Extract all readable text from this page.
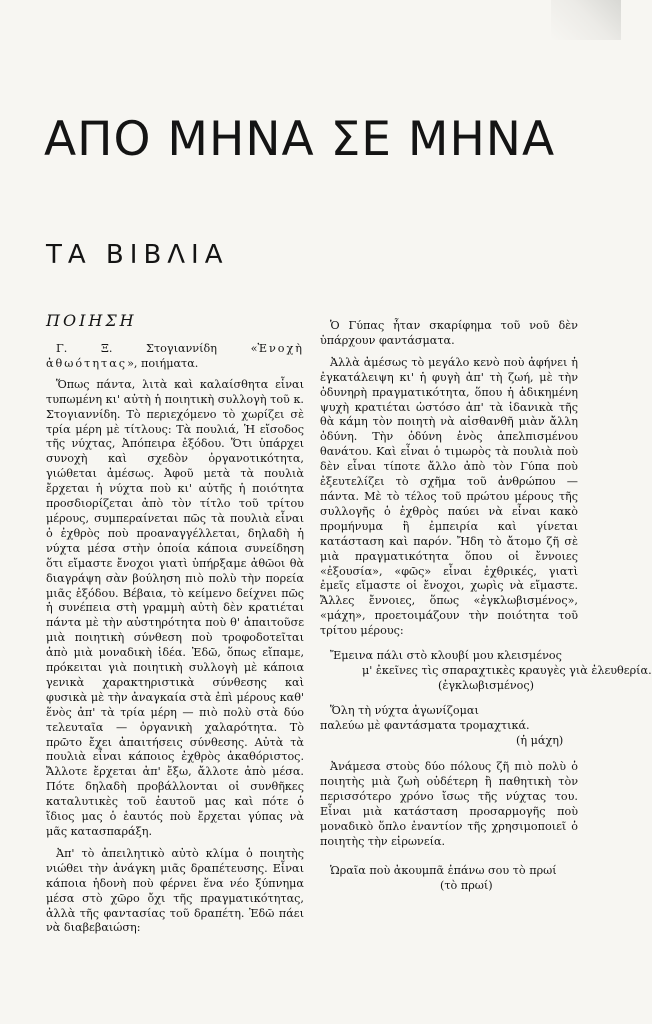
ΑΠΟ ΜΗΝΑ ΣΕ ΜΗΝΑ
ΤΑ ΒΙΒΛΙΑ
ΠΟΙΗΣΗ

Γ. Ξ. Στογιαννίδη «Ἐνοχὴ ἀθωότητας», ποιήματα.

Ὅπως πάντα, λιτὰ καὶ καλαίσθητα εἶναι τυπωμένη κι' αὐτὴ ἡ ποιητικὴ συλλογὴ τοῦ κ. Στογιαννίδη. Τὸ περιεχόμενο τὸ χωρίζει σὲ τρία μέρη μὲ τίτλους: Τὰ πουλιά, Ἡ εἴσοδος τῆς νύχτας, Ἀπόπειρα ἐξόδου. Ὅτι ὑπάρχει συνοχὴ καὶ σχεδὸν ὀργανοτικότητα, γιώθεται ἀμέσως. Ἀφοῦ μετὰ τὰ πουλιὰ ἔρχεται ἡ νύχτα ποὺ κι' αὐτῆς ἡ ποιότητα προσδιορίζεται ἀπὸ τὸν τίτλο τοῦ τρίτου μέρους, συμπεραίνεται πῶς τὰ πουλιὰ εἶναι ὁ ἐχθρὸς ποὺ προαναγγέλλεται, δηλαδὴ ἡ νύχτα μέσα στὴν ὁποία κάποια συνείδηση ὅτι εἴμαστε ἔνοχοι γιατὶ ὑπήρξαμε ἀθῶοι θὰ διαγράψη σὰν βούληση πιὸ πολὺ τὴν πορεία μιᾶς ἐξόδου. Βέβαια, τὸ κείμενο δείχνει πῶς ἡ συνέπεια στὴ γραμμὴ αὐτὴ δὲν κρατιέται πάντα μὲ τὴν αὐστηρότητα ποὺ θ' ἀπαιτοῦσε μιὰ ποιητικὴ σύνθεση ποὺ τροφοδοτεῖται ἀπὸ μιὰ μοναδικὴ ἰδέα. Ἐδῶ, ὅπως εἴπαμε, πρόκειται γιὰ ποιητικὴ συλλογὴ μὲ κάποια γενικὰ χαρακτηριστικὰ σύνθεσης καὶ φυσικὰ μὲ τὴν ἀναγκαία στὰ ἐπὶ μέρους καθ' ἕνὸς ἀπ' τὰ τρία μέρη — πιὸ πολὺ στὰ δύο τελευταῖα — ὀργανικὴ χαλαρότητα. Τὸ πρῶτο ἔχει ἀπαιτήσεις σύνθεσης. Αὐτὰ τὰ πουλιὰ εἶναι κάποιος ἐχθρὸς ἀκαθόριστος. Ἄλλοτε ἔρχεται ἀπ' ἔξω, ἄλλοτε ἀπὸ μέσα. Πότε δηλαδὴ προβάλλονται οἱ συνθῆκες καταλυτικὲς τοῦ ἑαυτοῦ μας καὶ πότε ὁ ἴδιος μας ὁ ἑαυτός ποὺ ἔρχεται γύπας νὰ μᾶς κατασπαράξη.

Ἀπ' τὸ ἀπειλητικὸ αὐτὸ κλίμα ὁ ποιητὴς νιώθει τὴν ἀνάγκη μιᾶς δραπέτευσης. Εἶναι κάποια ἡδονὴ ποὺ φέρνει ἕνα νέο ξύπνημα μέσα στὸ χῶρο ὄχι τῆς πραγματικότητας, ἀλλὰ τῆς φαντασίας τοῦ δραπέτη. Ἐδῶ πάει νὰ διαβεβαιώση:

Ὁ Γύπας ἦταν σκαρίφημα τοῦ νοῦ δὲν ὑπάρχουν φαντάσματα.

Ἀλλὰ ἀμέσως τὸ μεγάλο κενὸ ποὺ ἀφήνει ἡ ἐγκατάλειψη κι' ἡ φυγὴ ἀπ' τὴ ζωή, μὲ τὴν ὀδυνηρὴ πραγματικότητα, ὅπου ἡ ἀδικημένη ψυχὴ κρατιέται ὡστόσο ἀπ' τὰ ἰδανικὰ τῆς θὰ κάμη τὸν ποιητὴ νὰ αἰσθανθῆ μιὰν ἄλλη ὀδύνη. Τὴν ὀδύνη ἑνὸς ἀπελπισμένου θανάτου. Καὶ εἶναι ὁ τιμωρὸς τὰ πουλιὰ ποὺ δὲν εἶναι τίποτε ἄλλο ἀπὸ τὸν Γύπα ποὺ ἐξευτελίζει τὸ σχῆμα τοῦ ἀνθρώπου — πάντα. Μὲ τὸ τέλος τοῦ πρώτου μέρους τῆς συλλογῆς ὁ ἐχθρὸς παύει νὰ εἶναι κακὸ προμήνυμα ἢ ἐμπειρία καὶ γίνεται κατάσταση καὶ παρόν. Ἤδη τὸ ἄτομο ζῆ σὲ μιὰ πραγματικότητα ὅπου οἱ ἔννοιες «ἐξουσία», «φῶς» εἶναι ἐχθρικές, γιατὶ ἐμεῖς εἴμαστε οἱ ἔνοχοι, χωρὶς νὰ εἴμαστε. Ἄλλες ἔννοιες, ὅπως «ἐγκλωβισμένος», «μάχη», προετοιμάζουν τὴν ποιότητα τοῦ τρίτου μέρους:

Ἔμεινα πάλι στὸ κλουβί μου κλεισμένος

μ' ἐκεῖνες τὶς σπαραχτικὲς κραυγὲς γιὰ ἐλευθερία.

(ἐγκλωβισμένος)
Ὅλη τὴ νύχτα ἀγωνίζομαι
παλεύω μὲ φαντάσματα τρομαχτικά.
(ἡ μάχη)

Ἀνάμεσα στοὺς δύο πόλους ζῆ πιὸ πολὺ ὁ ποιητὴς μιὰ ζωὴ οὐδέτερη ἢ παθητικὴ τὸν περισσότερο χρόνο ἴσως τῆς νύχτας του. Εἶναι μιὰ κατάσταση προσαρμογῆς ποὺ μοναδικὸ ὅπλο ἐναντίον τῆς χρησιμοποιεῖ ὁ ποιητὴς τὴν εἰρωνεία.

Ὡραῖα ποὺ ἀκουμπᾶ ἐπάνω σου τὸ πρωί

(τὸ πρωί)
